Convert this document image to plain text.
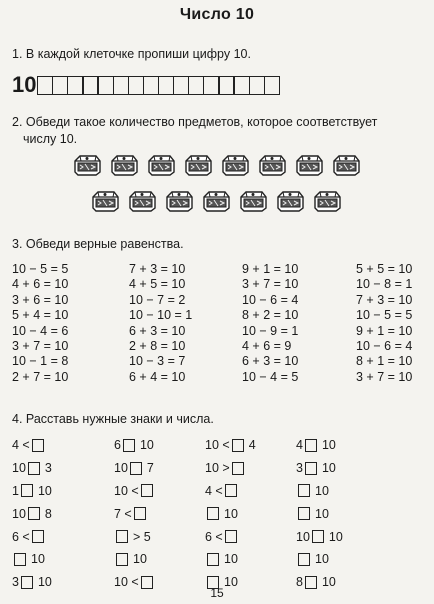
Число 10
1. В каждой клеточке пропиши цифру 10.
10
2. Обведи такое количество предметов, которое соответствует
числу 10.
3. Обведи верные равенства.
10 − 5 = 5
4 + 6 = 10
3 + 6 = 10
5 + 4 = 10
10 − 4 = 6
3 + 7 = 10
10 − 1 = 8
2 + 7 = 10
7 + 3 = 10
4 + 5 = 10
10 − 7 = 2
10 − 10 = 1
6 + 3 = 10
2 + 8 = 10
10 − 3 = 7
6 + 4 = 10
9 + 1 = 10
3 + 7 = 10
10 − 6 = 4
8 + 2 = 10
10 − 9 = 1
4 + 6 = 9
6 + 3 = 10
10 − 4 = 5
5 + 5 = 10
10 − 8 = 1
7 + 3 = 10
10 − 5 = 5
9 + 1 = 10
10 − 6 = 4
8 + 1 = 10
3 + 7 = 10
4. Расставь нужные знаки и числа.
4 <
10 3
1 10
10 8
6 <
10
3 10
6 10
10 7
10 <
7 <
> 5
10
10 <
10 < 4
10 >
4 <
10
6 <
10
10
4 10
3 10
10
10
10 10
10
8 10
15
